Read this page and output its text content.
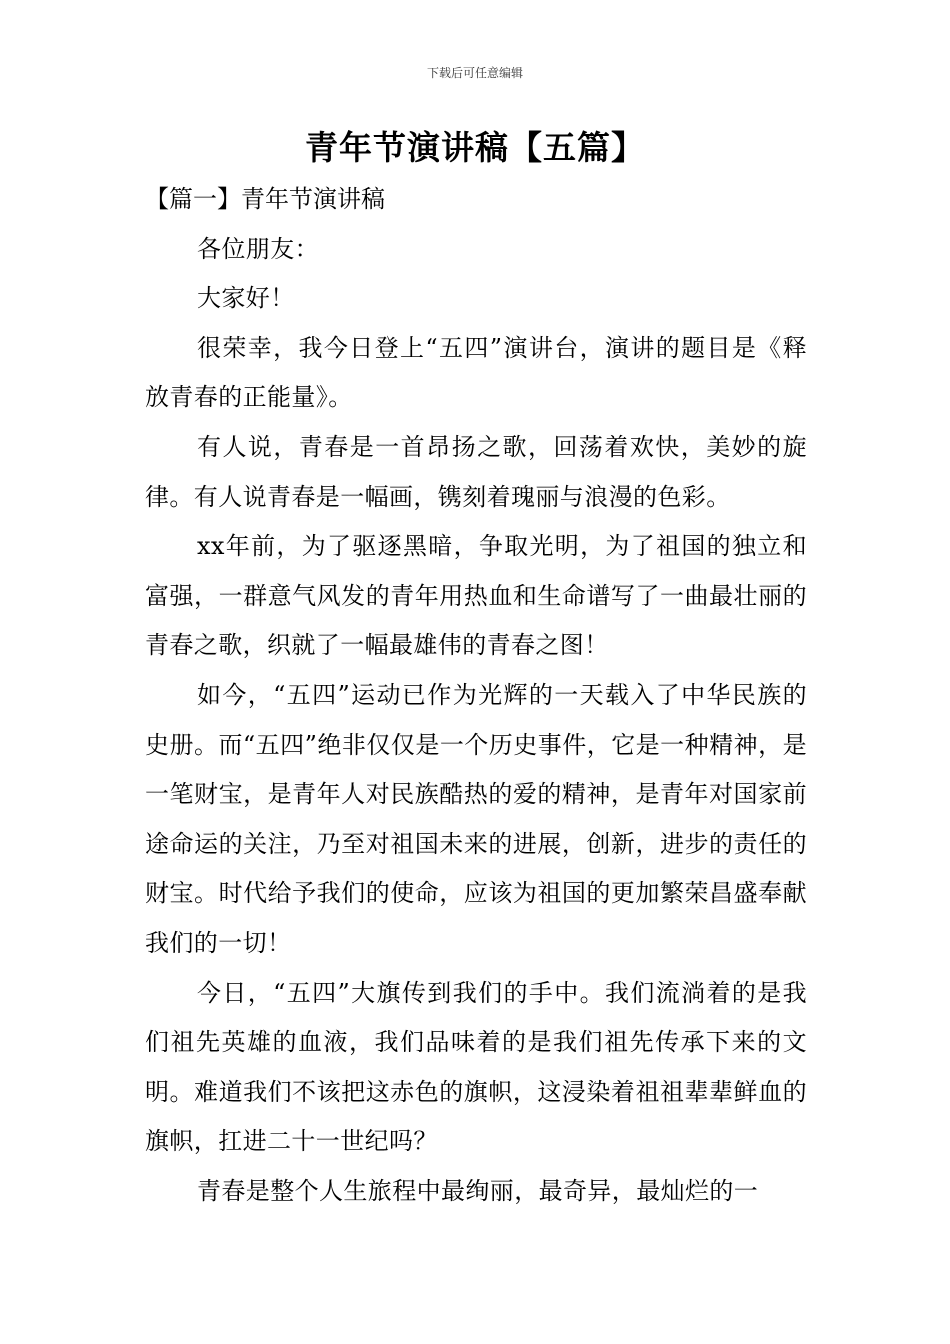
下载后可任意编辑
青年节演讲稿【五篇】

【篇一】青年节演讲稿

各位朋友：

大家好！

很荣幸，我今日登上“五四”演讲台，演讲的题目是《释放青春的正能量》。

有人说，青春是一首昂扬之歌，回荡着欢快，美妙的旋律。有人说青春是一幅画，镌刻着瑰丽与浪漫的色彩。

xx年前，为了驱逐黑暗，争取光明，为了祖国的独立和富强，一群意气风发的青年用热血和生命谱写了一曲最壮丽的青春之歌，织就了一幅最雄伟的青春之图！

如今，“五四”运动已作为光辉的一天载入了中华民族的史册。而“五四”绝非仅仅是一个历史事件，它是一种精神，是一笔财宝，是青年人对民族酷热的爱的精神，是青年对国家前途命运的关注，乃至对祖国未来的进展，创新，进步的责任的财宝。时代给予我们的使命，应该为祖国的更加繁荣昌盛奉献我们的一切！

今日，“五四”大旗传到我们的手中。我们流淌着的是我们祖先英雄的血液，我们品味着的是我们祖先传承下来的文明。难道我们不该把这赤色的旗帜，这浸染着祖祖辈辈鲜血的旗帜，扛进二十一世纪吗？

青春是整个人生旅程中最绚丽，最奇异，最灿烂的一
